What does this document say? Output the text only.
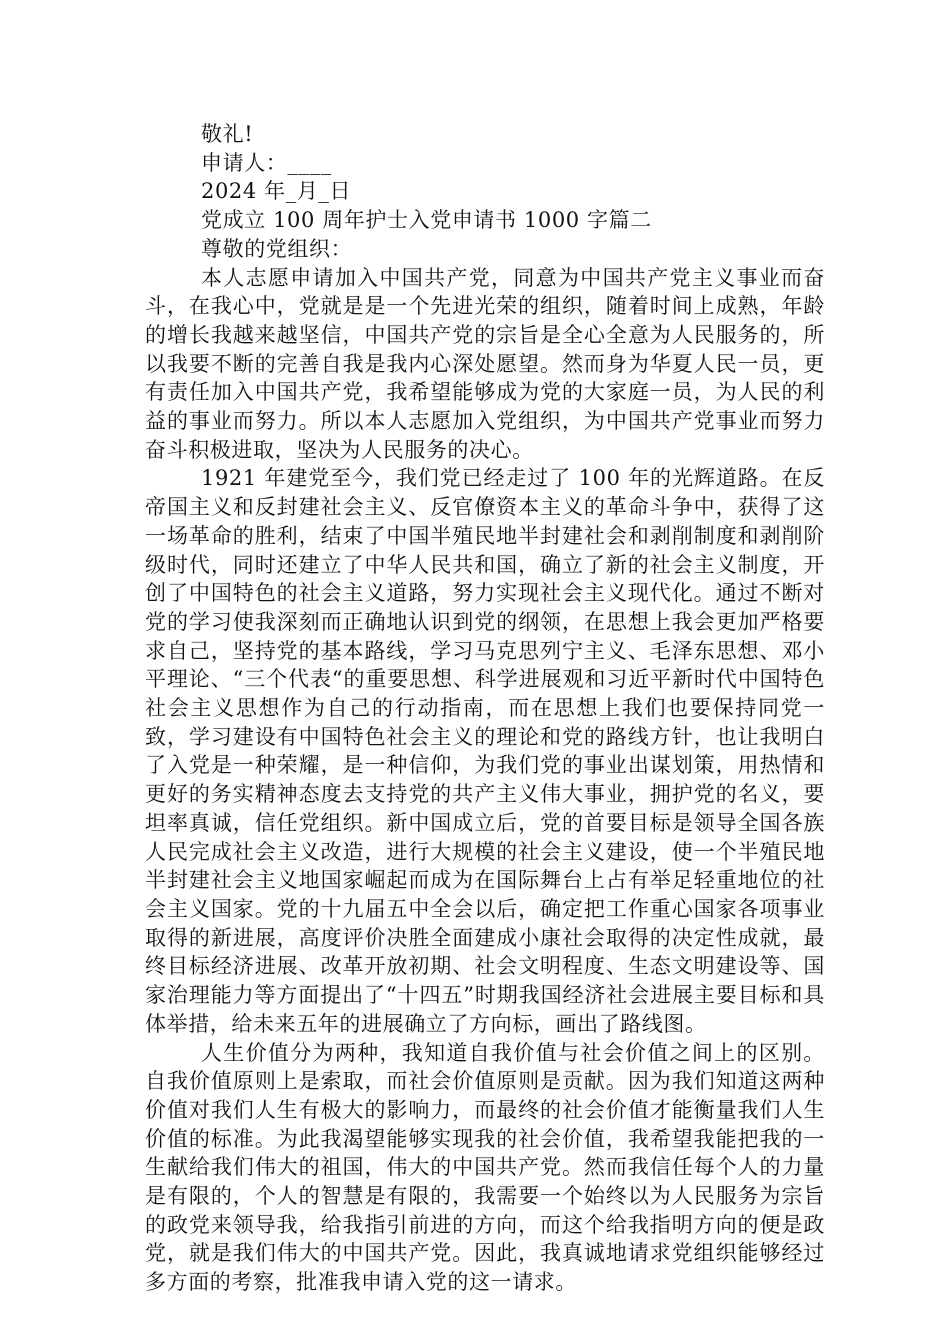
敬礼!

申请人：____

2024 年_月_日

党成立 100 周年护士入党申请书 1000 字篇二

尊敬的党组织：

本人志愿申请加入中国共产党，同意为中国共产党主义事业而奋斗，在我心中，党就是是一个先进光荣的组织，随着时间上成熟，年龄的增长我越来越坚信，中国共产党的宗旨是全心全意为人民服务的，所以我要不断的完善自我是我内心深处愿望。然而身为华夏人民一员，更有责任加入中国共产党，我希望能够成为党的大家庭一员，为人民的利益的事业而努力。所以本人志愿加入党组织，为中国共产党事业而努力奋斗积极进取，坚决为人民服务的决心。

1921 年建党至今，我们党已经走过了 100 年的光辉道路。在反帝国主义和反封建社会主义、反官僚资本主义的革命斗争中，获得了这一场革命的胜利，结束了中国半殖民地半封建社会和剥削制度和剥削阶级时代，同时还建立了中华人民共和国，确立了新的社会主义制度，开创了中国特色的社会主义道路，努力实现社会主义现代化。通过不断对党的学习使我深刻而正确地认识到党的纲领，在思想上我会更加严格要求自己，坚持党的基本路线，学习马克思列宁主义、毛泽东思想、邓小平理论、“三个代表“的重要思想、科学进展观和习近平新时代中国特色社会主义思想作为自己的行动指南，而在思想上我们也要保持同党一致，学习建设有中国特色社会主义的理论和党的路线方针，也让我明白了入党是一种荣耀，是一种信仰，为我们党的事业出谋划策，用热情和更好的务实精神态度去支持党的共产主义伟大事业，拥护党的名义，要坦率真诚，信任党组织。新中国成立后，党的首要目标是领导全国各族人民完成社会主义改造，进行大规模的社会主义建设，使一个半殖民地半封建社会主义地国家崛起而成为在国际舞台上占有举足轻重地位的社会主义国家。党的十九届五中全会以后，确定把工作重心国家各项事业取得的新进展，高度评价决胜全面建成小康社会取得的决定性成就，最终目标经济进展、改革开放初期、社会文明程度、生态文明建设等、国家治理能力等方面提出了“十四五”时期我国经济社会进展主要目标和具体举措，给未来五年的进展确立了方向标，画出了路线图。

人生价值分为两种，我知道自我价值与社会价值之间上的区别。自我价值原则上是索取，而社会价值原则是贡献。因为我们知道这两种价值对我们人生有极大的影响力，而最终的社会价值才能衡量我们人生价值的标准。为此我渴望能够实现我的社会价值，我希望我能把我的一生献给我们伟大的祖国，伟大的中国共产党。然而我信任每个人的力量是有限的，个人的智慧是有限的，我需要一个始终以为人民服务为宗旨的政党来领导我，给我指引前进的方向，而这个给我指明方向的便是政党，就是我们伟大的中国共产党。因此，我真诚地请求党组织能够经过多方面的考察，批准我申请入党的这一请求。
